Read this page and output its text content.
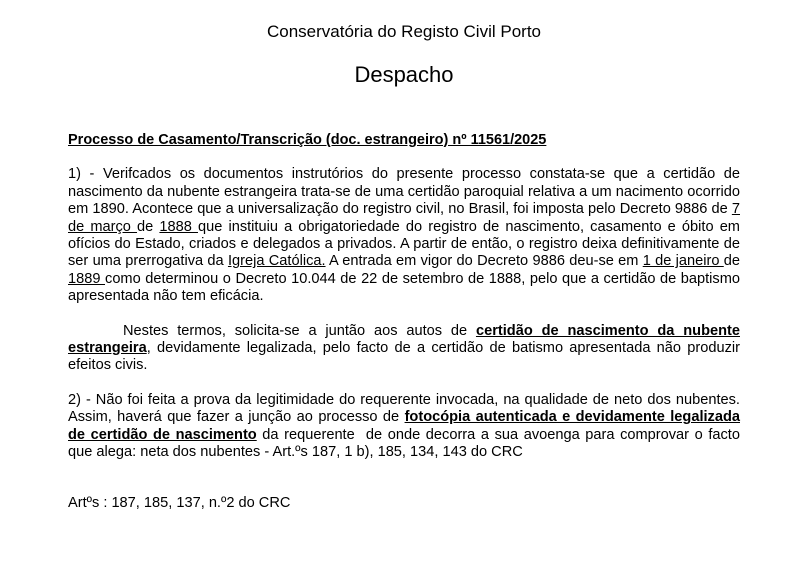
Conservatória do Registo Civil Porto
Despacho
Processo de Casamento/Transcrição (doc. estrangeiro) nº 11561/2025

1) - Verifcados os documentos instrutórios do presente processo constata-se que a certidão de nascimento da nubente estrangeira trata-se de uma certidão paroquial relativa a um nacimento ocorrido em 1890. Acontece que a universalização do registro civil, no Brasil, foi imposta pelo Decreto 9886 de 7 de março de 1888 que instituiu a obrigatoriedade do registro de nascimento, casamento e óbito em ofícios do Estado, criados e delegados a privados. A partir de então, o registro deixa definitivamente de ser uma prerrogativa da Igreja Católica. A entrada em vigor do Decreto 9886 deu-se em 1 de janeiro de 1889 como determinou o Decreto 10.044 de 22 de setembro de 1888, pelo que a certidão de baptismo apresentada não tem eficácia.

Nestes termos, solicita-se a juntão aos autos de certidão de nascimento da nubente estrangeira, devidamente legalizada, pelo facto de a certidão de batismo apresentada não produzir efeitos civis.

2) - Não foi feita a prova da legitimidade do requerente invocada, na qualidade de neto dos nubentes. Assim, haverá que fazer a junção ao processo de fotocópia autenticada e devidamente legalizada de certidão de nascimento da requerente  de onde decorra a sua avoenga para comprovar o facto que alega: neta dos nubentes - Art.ºs 187, 1 b), 185, 134, 143 do CRC

Artºs : 187, 185, 137, n.º2 do CRC
